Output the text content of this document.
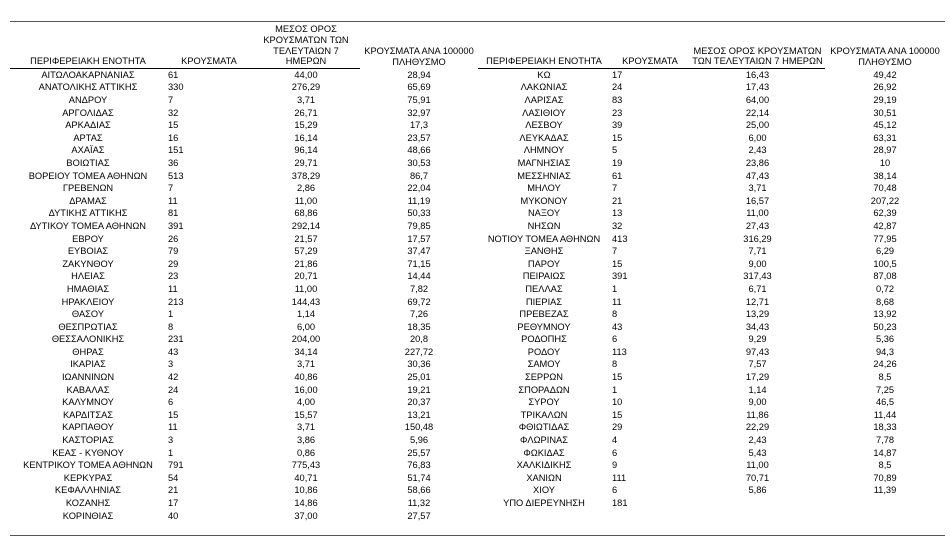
ΠΕΡΙΦΕΡΕΙΑΚΗ ΕΝΟΤΗΤΑ	ΚΡΟΥΣΜΑΤΑ	ΜΕΣΟΣ ΟΡΟΣ ΚΡΟΥΣΜΑΤΩΝ ΤΩΝ ΤΕΛΕΥΤΑΙΩΝ 7 ΗΜΕΡΩΝ	ΚΡΟΥΣΜΑΤΑ ΑΝΑ 100000 ΠΛΗΘΥΣΜΟ	ΠΕΡΙΦΕΡΕΙΑΚΗ ΕΝΟΤΗΤΑ	ΚΡΟΥΣΜΑΤΑ	ΜΕΣΟΣ ΟΡΟΣ ΚΡΟΥΣΜΑΤΩΝ ΤΩΝ ΤΕΛΕΥΤΑΙΩΝ 7 ΗΜΕΡΩΝ	ΚΡΟΥΣΜΑΤΑ ΑΝΑ 100000 ΠΛΗΘΥΣΜΟ
ΑΙΤΩΛΟΑΚΑΡΝΑΝΙΑΣ	61	44,00	28,94	ΚΩ	17	16,43	49,42
ΑΝΑΤΟΛΙΚΗΣ ΑΤΤΙΚΗΣ	330	276,29	65,69	ΛΑΚΩΝΙΑΣ	24	17,43	26,92
ΑΝΔΡΟΥ	7	3,71	75,91	ΛΑΡΙΣΑΣ	83	64,00	29,19
ΑΡΓΟΛΙΔΑΣ	32	26,71	32,97	ΛΑΣΙΘΙΟΥ	23	22,14	30,51
ΑΡΚΑΔΙΑΣ	15	15,29	17,3	ΛΕΣΒΟΥ	39	25,00	45,12
ΑΡΤΑΣ	16	16,14	23,57	ΛΕΥΚΑΔΑΣ	15	6,00	63,31
ΑΧΑΪΑΣ	151	96,14	48,66	ΛΗΜΝΟΥ	5	2,43	28,97
ΒΟΙΩΤΙΑΣ	36	29,71	30,53	ΜΑΓΝΗΣΙΑΣ	19	23,86	10
ΒΟΡΕΙΟΥ ΤΟΜΕΑ ΑΘΗΝΩΝ	513	378,29	86,7	ΜΕΣΣΗΝΙΑΣ	61	47,43	38,14
ΓΡΕΒΕΝΩΝ	7	2,86	22,04	ΜΗΛΟΥ	7	3,71	70,48
ΔΡΑΜΑΣ	11	11,00	11,19	ΜΥΚΟΝΟΥ	21	16,57	207,22
ΔΥΤΙΚΗΣ ΑΤΤΙΚΗΣ	81	68,86	50,33	ΝΑΞΟΥ	13	11,00	62,39
ΔΥΤΙΚΟΥ ΤΟΜΕΑ ΑΘΗΝΩΝ	391	292,14	79,85	ΝΗΣΩΝ	32	27,43	42,87
ΕΒΡΟΥ	26	21,57	17,57	ΝΟΤΙΟΥ ΤΟΜΕΑ ΑΘΗΝΩΝ	413	316,29	77,95
ΕΥΒΟΙΑΣ	79	57,29	37,47	ΞΑΝΘΗΣ	7	7,71	6,29
ΖΑΚΥΝΘΟΥ	29	21,86	71,15	ΠΑΡΟΥ	15	9,00	100,5
ΗΛΕΙΑΣ	23	20,71	14,44	ΠΕΙΡΑΙΩΣ	391	317,43	87,08
ΗΜΑΘΙΑΣ	11	11,00	7,82	ΠΕΛΛΑΣ	1	6,71	0,72
ΗΡΑΚΛΕΙΟΥ	213	144,43	69,72	ΠΙΕΡΙΑΣ	11	12,71	8,68
ΘΑΣΟΥ	1	1,14	7,26	ΠΡΕΒΕΖΑΣ	8	13,29	13,92
ΘΕΣΠΡΩΤΙΑΣ	8	6,00	18,35	ΡΕΘΥΜΝΟΥ	43	34,43	50,23
ΘΕΣΣΑΛΟΝΙΚΗΣ	231	204,00	20,8	ΡΟΔΟΠΗΣ	6	9,29	5,36
ΘΗΡΑΣ	43	34,14	227,72	ΡΟΔΟΥ	113	97,43	94,3
ΙΚΑΡΙΑΣ	3	3,71	30,36	ΣΑΜΟΥ	8	7,57	24,26
ΙΩΑΝΝΙΝΩΝ	42	40,86	25,01	ΣΕΡΡΩΝ	15	17,29	8,5
ΚΑΒΑΛΑΣ	24	16,00	19,21	ΣΠΟΡΑΔΩΝ	1	1,14	7,25
ΚΑΛΥΜΝΟΥ	6	4,00	20,37	ΣΥΡΟΥ	10	9,00	46,5
ΚΑΡΔΙΤΣΑΣ	15	15,57	13,21	ΤΡΙΚΑΛΩΝ	15	11,86	11,44
ΚΑΡΠΑΘΟΥ	11	3,71	150,48	ΦΘΙΩΤΙΔΑΣ	29	22,29	18,33
ΚΑΣΤΟΡΙΑΣ	3	3,86	5,96	ΦΛΩΡΙΝΑΣ	4	2,43	7,78
ΚΕΑΣ - ΚΥΘΝΟΥ	1	0,86	25,57	ΦΩΚΙΔΑΣ	6	5,43	14,87
ΚΕΝΤΡΙΚΟΥ ΤΟΜΕΑ ΑΘΗΝΩΝ	791	775,43	76,83	ΧΑΛΚΙΔΙΚΗΣ	9	11,00	8,5
ΚΕΡΚΥΡΑΣ	54	40,71	51,74	ΧΑΝΙΩΝ	111	70,71	70,89
ΚΕΦΑΛΛΗΝΙΑΣ	21	10,86	58,66	ΧΙΟΥ	6	5,86	11,39
ΚΟΖΑΝΗΣ	17	14,86	11,32	ΥΠΟ ΔΙΕΡΕΥΝΗΣΗ	181		
ΚΟΡΙΝΘΙΑΣ	40	37,00	27,57				
